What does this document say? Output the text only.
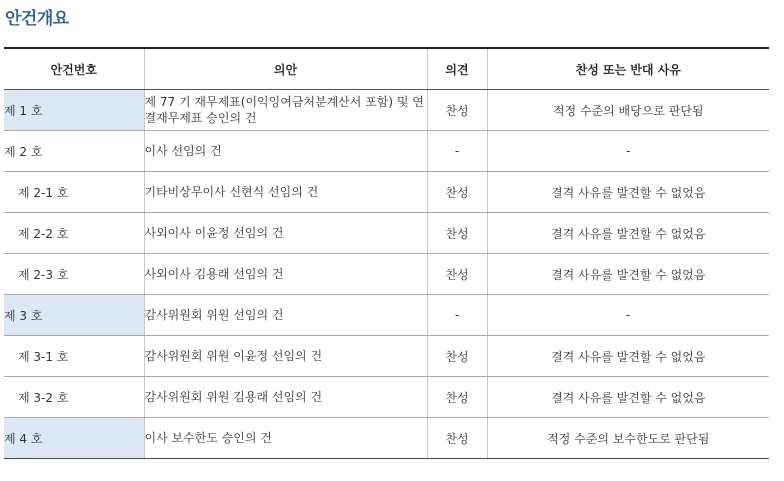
안건개요
안건번호	의안	의견	찬성 또는 반대 사유
제 1 호	제 77 기 재무제표(이익잉여금처분계산서 포함) 및 연결재무제표 승인의 건	찬성	적정 수준의 배당으로 판단됨
제 2 호	이사 선임의 건	-	-
제 2-1 호	기타비상무이사 신현식 선임의 건	찬성	결격 사유를 발견할 수 없었음
제 2-2 호	사외이사 이윤정 선임의 건	찬성	결격 사유를 발견할 수 없었음
제 2-3 호	사외이사 김용래 선임의 건	찬성	결격 사유를 발견할 수 없었음
제 3 호	감사위원회 위원 선임의 건	-	-
제 3-1 호	감사위원회 위원 이윤정 선임의 건	찬성	결격 사유를 발견할 수 없었음
제 3-2 호	감사위원회 위원 김용래 선임의 건	찬성	결격 사유를 발견할 수 없었음
제 4 호	이사 보수한도 승인의 건	찬성	적정 수준의 보수한도로 판단됨
